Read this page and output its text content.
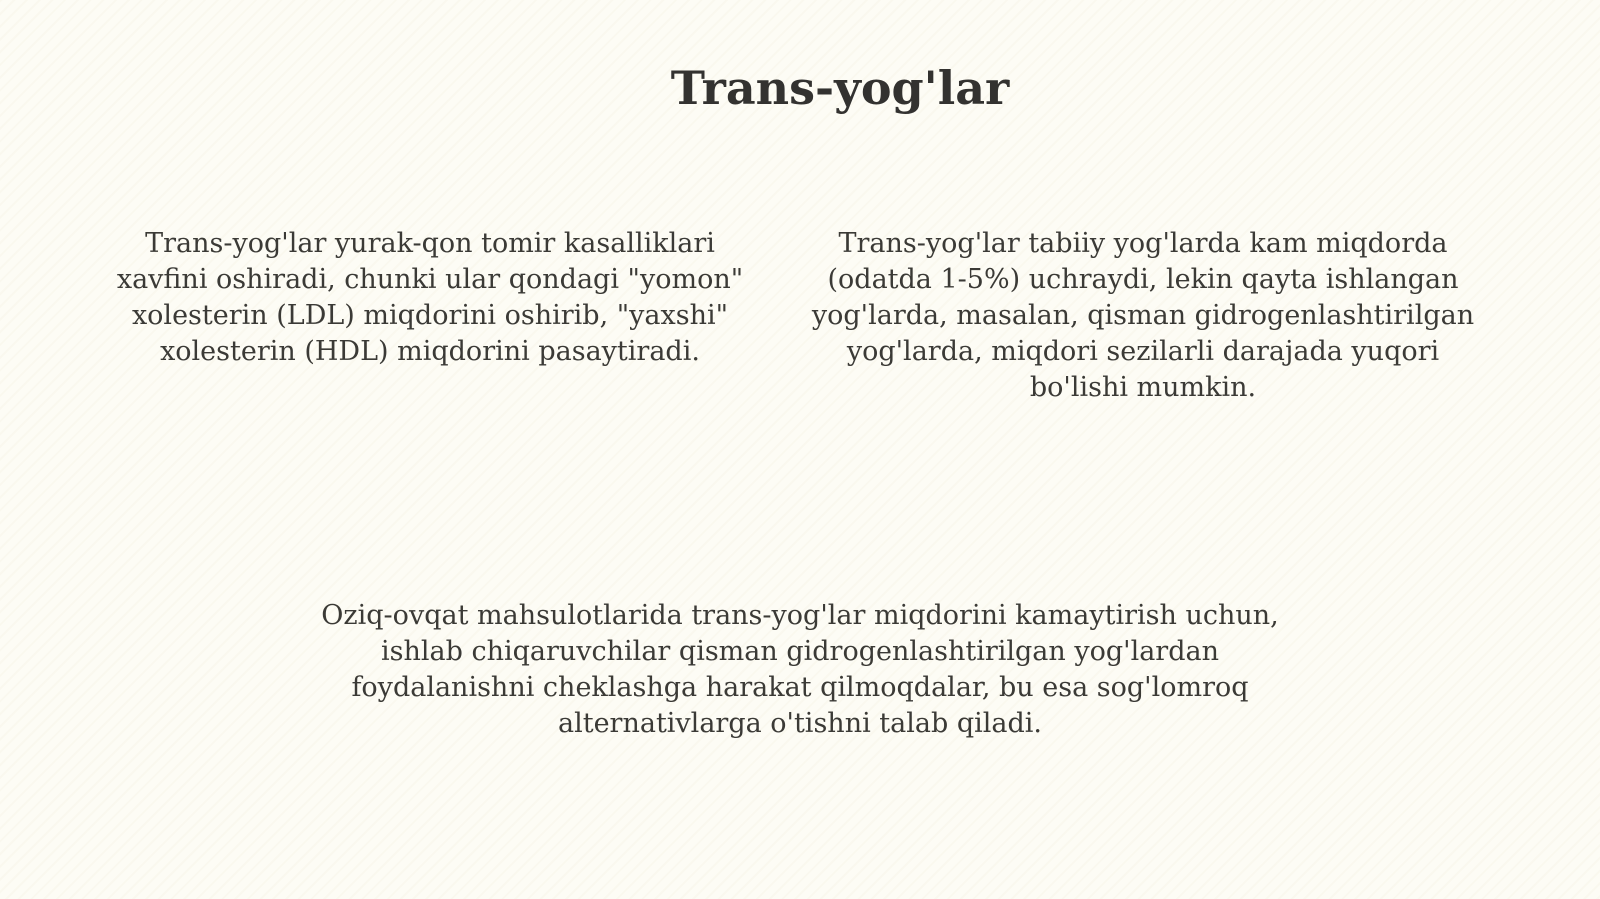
Trans-yog'lar

Trans-yog'lar yurak-qon tomir kasalliklari xavfini oshiradi, chunki ular qondagi "yomon" xolesterin (LDL) miqdorini oshirib, "yaxshi" xolesterin (HDL) miqdorini pasaytiradi.

Trans-yog'lar tabiiy yog'larda kam miqdorda (odatda 1-5%) uchraydi, lekin qayta ishlangan yog'larda, masalan, qisman gidrogenlashtirilgan yog'larda, miqdori sezilarli darajada yuqori bo'lishi mumkin.

Oziq-ovqat mahsulotlarida trans-yog'lar miqdorini kamaytirish uchun, ishlab chiqaruvchilar qisman gidrogenlashtirilgan yog'lardan foydalanishni cheklashga harakat qilmoqdalar, bu esa sog'lomroq alternativlarga o'tishni talab qiladi.
